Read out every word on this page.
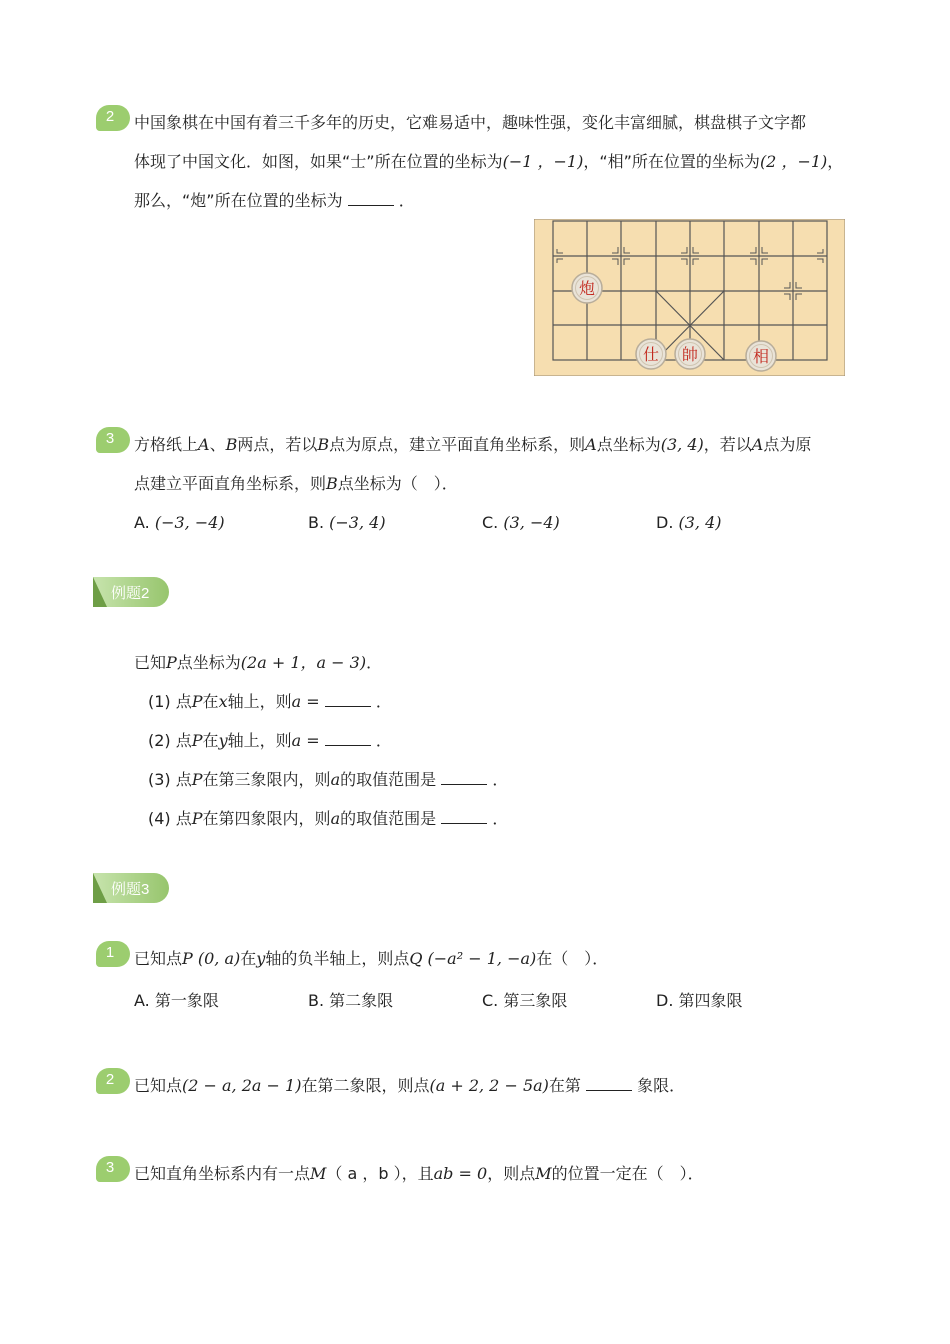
2	中国象棋在中国有着三千多年的历史，它难易适中，趣味性强，变化丰富细腻，棋盘棋子文字都
体现了中国文化．如图，如果“士”所在位置的坐标为(−1 ，−1)，“相”所在位置的坐标为(2 ，−1)，
那么，“炮”所在位置的坐标为	．
炮
仕 帥	相
3	方格纸上A、B两点，若以B点为原点，建立平面直角坐标系，则A点坐标为(3, 4)，若以A点为原
点建立平面直角坐标系，则B点坐标为（　）．
A. (−3, −4)	B. (−3, 4)	C. (3, −4)	D. (3, 4)
例题2
已知P点坐标为(2a + 1，a − 3)．
(1) 点P在x轴上，则a =	．
(2) 点P在y轴上，则a =	．
(3) 点P在第三象限内，则a的取值范围是	．
(4) 点P在第四象限内，则a的取值范围是	．
例题3
1	已知点P (0, a)在y轴的负半轴上，则点Q (−a² − 1, −a)在（　）．
A. 第一象限	B. 第二象限	C. 第三象限	D. 第四象限
2	已知点(2 − a, 2a − 1)在第二象限，则点(a + 2, 2 − 5a)在第	象限．
3	已知直角坐标系内有一点M（ a ，b ），且ab = 0，则点M的位置一定在（　）．
